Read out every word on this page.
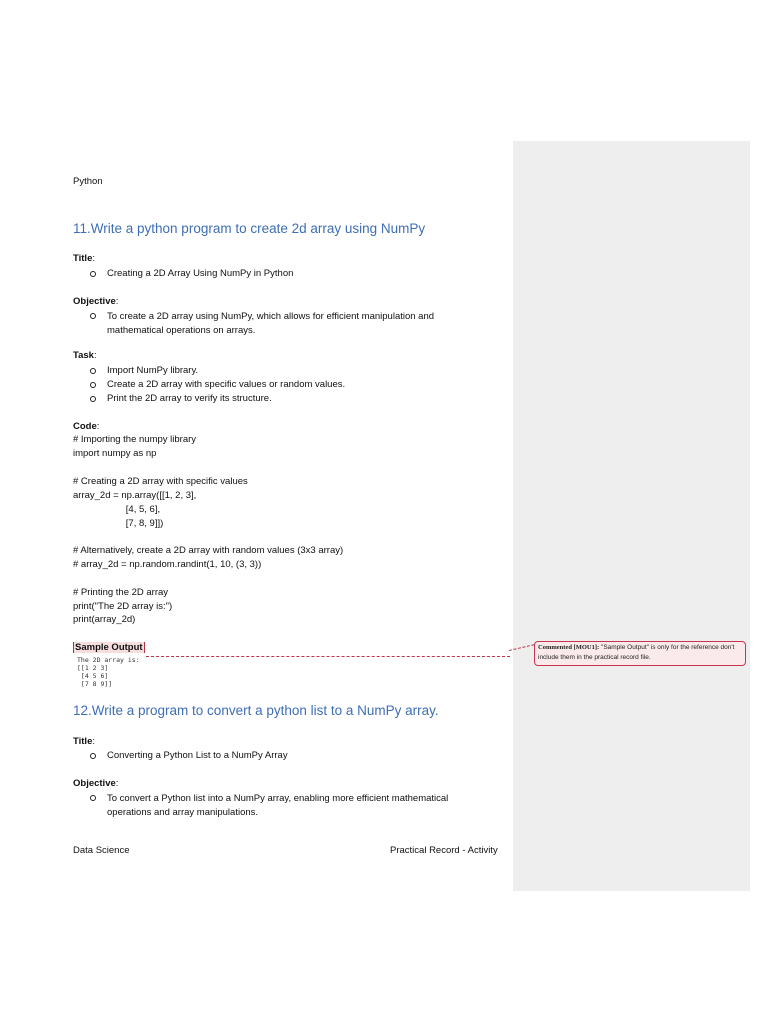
Python
11.Write a python program to create 2d array using NumPy
Title:
Creating a 2D Array Using NumPy in Python
Objective:
To create a 2D array using NumPy, which allows for efficient manipulation and mathematical operations on arrays.
Task:
Import NumPy library.
Create a 2D array with specific values or random values.
Print the 2D array to verify its structure.
Code:
# Importing the numpy library
import numpy as np
# Creating a 2D array with specific values
array_2d = np.array([[1, 2, 3],
[4, 5, 6],
[7, 8, 9]])
# Alternatively, create a 2D array with random values (3x3 array)
# array_2d = np.random.randint(1, 10, (3, 3))
# Printing the 2D array
print("The 2D array is:")
print(array_2d)
Sample Output
The 2D array is:
[[1 2 3]
[4 5 6]
[7 8 9]]
12.Write a program to convert a python list to a NumPy array.
Title:
Converting a Python List to a NumPy Array
Objective:
To convert a Python list into a NumPy array, enabling more efficient mathematical operations and array manipulations.
Data Science	Practical Record - Activity
Commented [MOU1]: "Sample Output" is only for the reference don't include them in the practical record file.
